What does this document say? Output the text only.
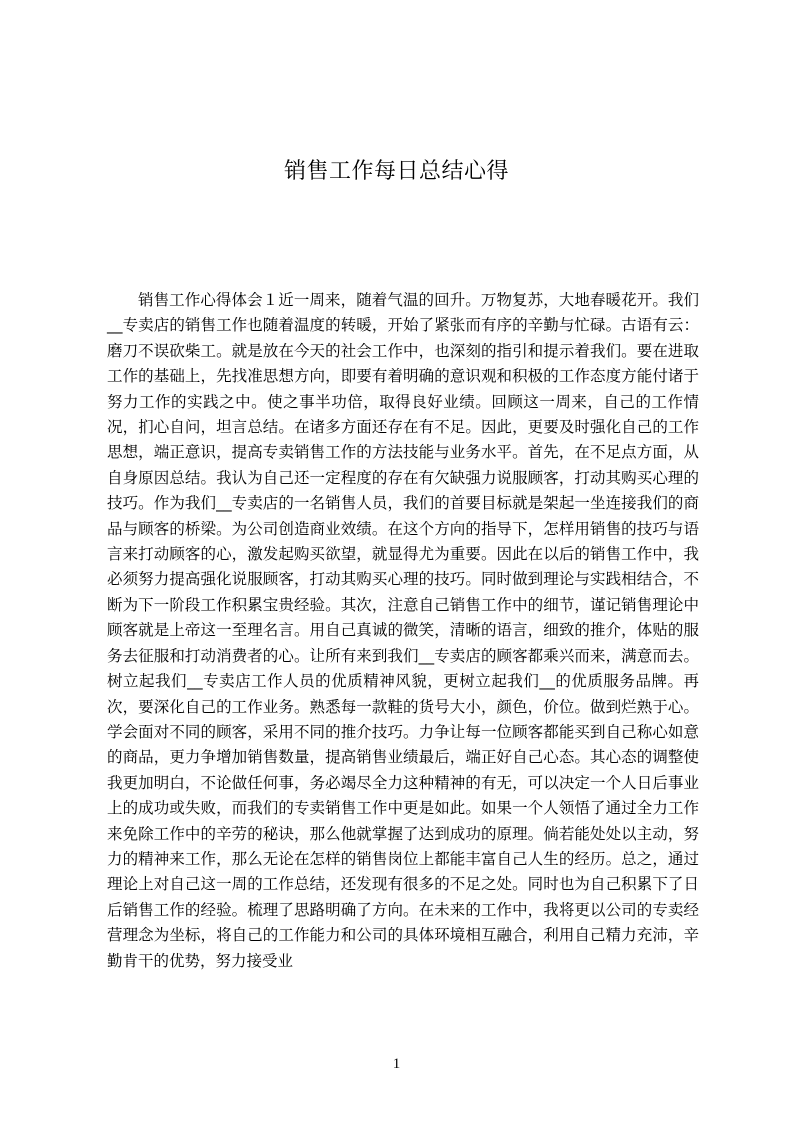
销售工作每日总结心得

销售工作心得体会１近一周来，随着气温的回升。万物复苏，大地春暖花开。我们__专卖店的销售工作也随着温度的转暖，开始了紧张而有序的辛勤与忙碌。古语有云：磨刀不误砍柴工。就是放在今天的社会工作中，也深刻的指引和提示着我们。要在进取工作的基础上，先找准思想方向，即要有着明确的意识观和积极的工作态度方能付诸于努力工作的实践之中。使之事半功倍，取得良好业绩。回顾这一周来，自己的工作情况，扪心自问，坦言总结。在诸多方面还存在有不足。因此，更要及时强化自己的工作思想，端正意识，提高专卖销售工作的方法技能与业务水平。首先，在不足点方面，从自身原因总结。我认为自己还一定程度的存在有欠缺强力说服顾客，打动其购买心理的技巧。作为我们__专卖店的一名销售人员，我们的首要目标就是架起一坐连接我们的商品与顾客的桥梁。为公司创造商业效绩。在这个方向的指导下，怎样用销售的技巧与语言来打动顾客的心，激发起购买欲望，就显得尤为重要。因此在以后的销售工作中，我必须努力提高强化说服顾客，打动其购买心理的技巧。同时做到理论与实践相结合，不断为下一阶段工作积累宝贵经验。其次，注意自己销售工作中的细节，谨记销售理论中顾客就是上帝这一至理名言。用自己真诚的微笑，清晰的语言，细致的推介，体贴的服务去征服和打动消费者的心。让所有来到我们__专卖店的顾客都乘兴而来，满意而去。树立起我们__专卖店工作人员的优质精神风貌，更树立起我们__的优质服务品牌。再次，要深化自己的工作业务。熟悉每一款鞋的货号大小，颜色，价位。做到烂熟于心。学会面对不同的顾客，采用不同的推介技巧。力争让每一位顾客都能买到自己称心如意的商品，更力争增加销售数量，提高销售业绩最后，端正好自己心态。其心态的调整使我更加明白，不论做任何事，务必竭尽全力这种精神的有无，可以决定一个人日后事业上的成功或失败，而我们的专卖销售工作中更是如此。如果一个人领悟了通过全力工作来免除工作中的辛劳的秘诀，那么他就掌握了达到成功的原理。倘若能处处以主动，努力的精神来工作，那么无论在怎样的销售岗位上都能丰富自己人生的经历。总之，通过理论上对自己这一周的工作总结，还发现有很多的不足之处。同时也为自己积累下了日后销售工作的经验。梳理了思路明确了方向。在未来的工作中，我将更以公司的专卖经营理念为坐标，将自己的工作能力和公司的具体环境相互融合，利用自己精力充沛，辛勤肯干的优势，努力接受业

1
